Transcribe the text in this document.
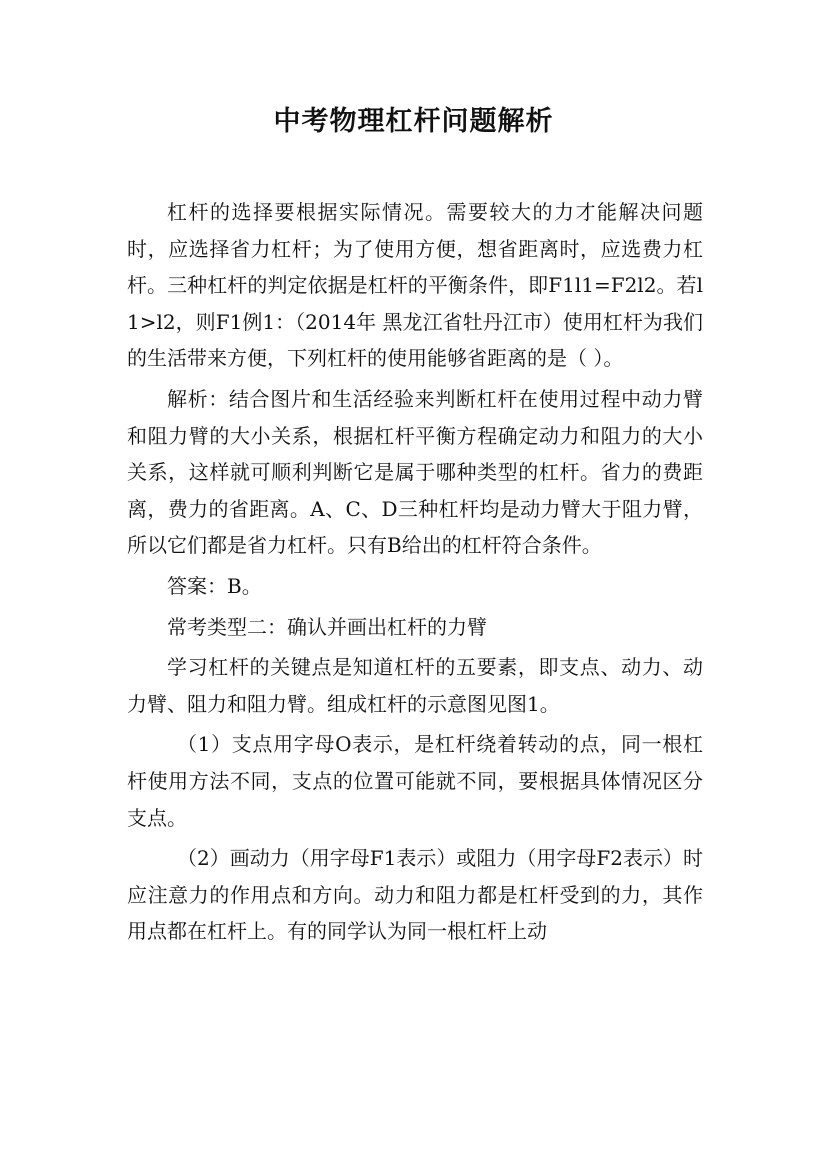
中考物理杠杆问题解析

杠杆的选择要根据实际情况。需要较大的力才能解决问题时，应选择省力杠杆；为了使用方便，想省距离时，应选费力杠杆。三种杠杆的判定依据是杠杆的平衡条件，即F1l1=F2l2。若l1>l2，则F1例1：（2014年 黑龙江省牡丹江市）使用杠杆为我们的生活带来方便，下列杠杆的使用能够省距离的是（ ）。

解析：结合图片和生活经验来判断杠杆在使用过程中动力臂和阻力臂的大小关系，根据杠杆平衡方程确定动力和阻力的大小关系，这样就可顺利判断它是属于哪种类型的杠杆。省力的费距离，费力的省距离。A、C、D三种杠杆均是动力臂大于阻力臂，所以它们都是省力杠杆。只有B给出的杠杆符合条件。

答案：B。

常考类型二：确认并画出杠杆的力臂

学习杠杆的关键点是知道杠杆的五要素，即支点、动力、动力臂、阻力和阻力臂。组成杠杆的示意图见图1。

（1）支点用字母O表示，是杠杆绕着转动的点，同一根杠杆使用方法不同，支点的位置可能就不同，要根据具体情况区分支点。

（2）画动力（用字母F1表示）或阻力（用字母F2表示）时应注意力的作用点和方向。动力和阻力都是杠杆受到的力，其作用点都在杠杆上。有的同学认为同一根杠杆上动
